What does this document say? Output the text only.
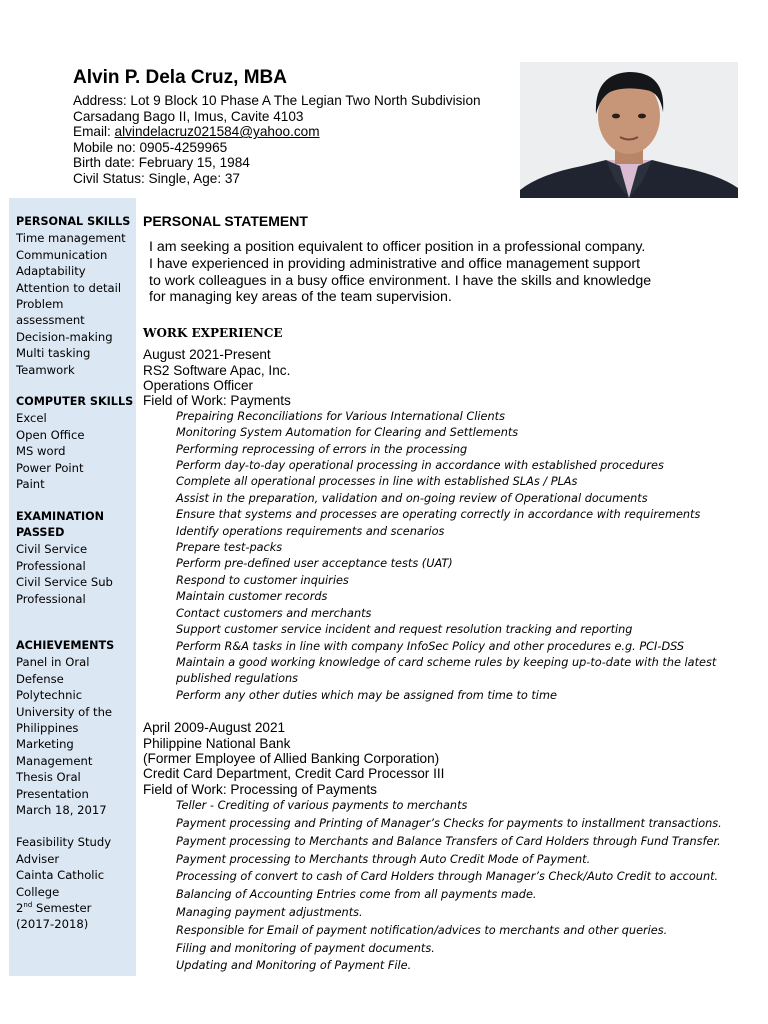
Alvin P. Dela Cruz, MBA
Address: Lot 9 Block 10 Phase A The Legian Two North Subdivision
Carsadang Bago II, Imus, Cavite 4103
Email: alvindelacruz021584@yahoo.com
Mobile no: 0905-4259965
Birth date: February 15, 1984
Civil Status: Single, Age: 37
PERSONAL SKILLS
Time management
Communication
Adaptability
Attention to detail
Problem
assessment
Decision-making
Multi tasking
Teamwork
COMPUTER SKILLS
Excel
Open Office
MS word
Power Point
Paint
EXAMINATION
PASSED
Civil Service
Professional
Civil Service Sub
Professional
ACHIEVEMENTS
Panel in Oral
Defense
Polytechnic
University of the
Philippines
Marketing
Management
Thesis Oral
Presentation
March 18, 2017
Feasibility Study
Adviser
Cainta Catholic
College
2nd Semester
(2017-2018)
PERSONAL STATEMENT
I am seeking a position equivalent to officer position in a professional company.
I have experienced in providing administrative and office management support
to work colleagues in a busy office environment. I have the skills and knowledge
for managing key areas of the team supervision.
WORK EXPERIENCE
August 2021-Present
RS2 Software Apac, Inc.
Operations Officer
Field of Work: Payments
Prepairing Reconciliations for Various International Clients
Monitoring System Automation for Clearing and Settlements
Performing reprocessing of errors in the processing
Perform day-to-day operational processing in accordance with established procedures
Complete all operational processes in line with established SLAs / PLAs
Assist in the preparation, validation and on-going review of Operational documents
Ensure that systems and processes are operating correctly in accordance with requirements
Identify operations requirements and scenarios
Prepare test-packs
Perform pre-defined user acceptance tests (UAT)
Respond to customer inquiries
Maintain customer records
Contact customers and merchants
Support customer service incident and request resolution tracking and reporting
Perform R&A tasks in line with company InfoSec Policy and other procedures e.g. PCI-DSS
Maintain a good working knowledge of card scheme rules by keeping up-to-date with the latest published regulations
Perform any other duties which may be assigned from time to time
April 2009-August 2021
Philippine National Bank
(Former Employee of Allied Banking Corporation)
Credit Card Department, Credit Card Processor III
Field of Work: Processing of Payments
Teller - Crediting of various payments to merchants
Payment processing and Printing of Manager’s Checks for payments to installment transactions.
Payment processing to Merchants and Balance Transfers of Card Holders through Fund Transfer.
Payment processing to Merchants through Auto Credit Mode of Payment.
Processing of convert to cash of Card Holders through Manager’s Check/Auto Credit to account.
Balancing of Accounting Entries come from all payments made.
Managing payment adjustments.
Responsible for Email of payment notification/advices to merchants and other queries.
Filing and monitoring of payment documents.
Updating and Monitoring of Payment File.
